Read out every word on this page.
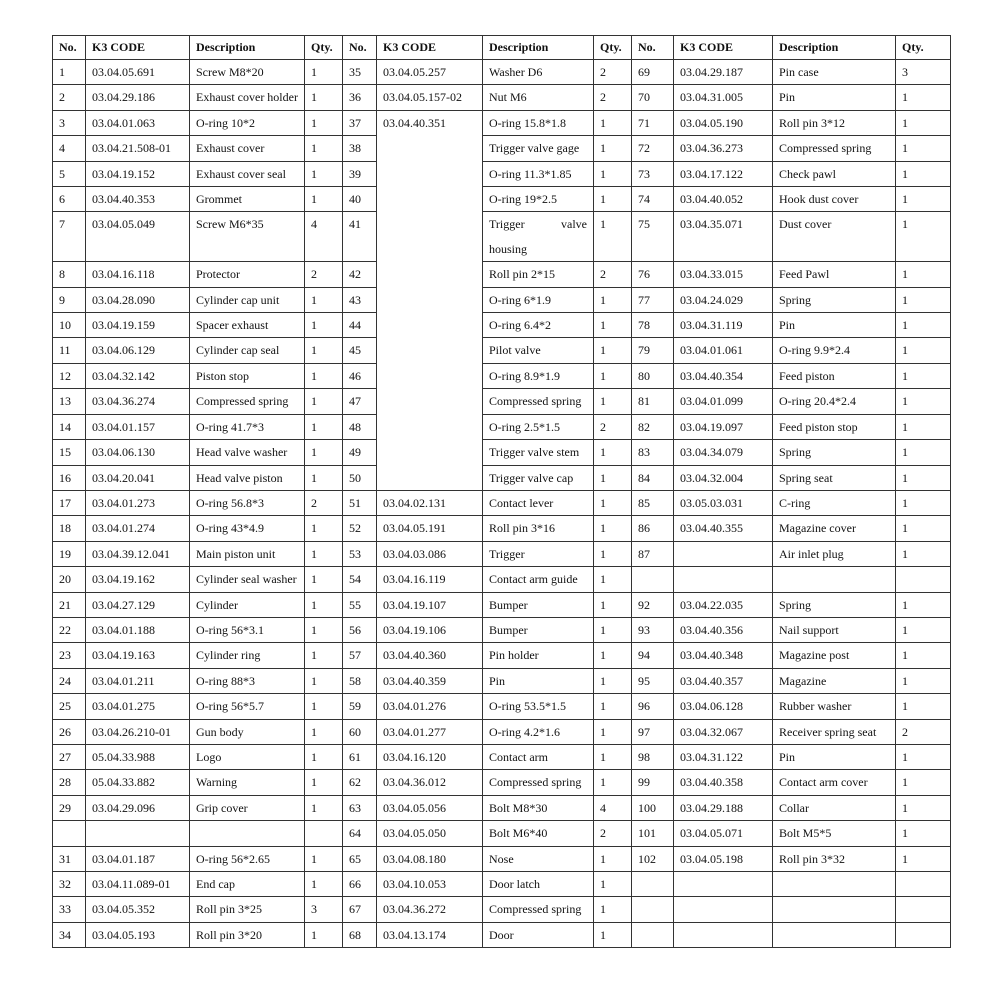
No.	K3 CODE	Description	Qty.	No.	K3 CODE	Description	Qty.	No.	K3 CODE	Description	Qty.
1	03.04.05.691	Screw M8*20	1	35	03.04.05.257	Washer D6	2	69	03.04.29.187	Pin case	3
2	03.04.29.186	Exhaust cover holder	1	36	03.04.05.157-02	Nut M6	2	70	03.04.31.005	Pin	1
3	03.04.01.063	O-ring 10*2	1	37	03.04.40.351	O-ring 15.8*1.8	1	71	03.04.05.190	Roll pin 3*12	1
4	03.04.21.508-01	Exhaust cover	1	38		Trigger valve gage	1	72	03.04.36.273	Compressed spring	1
5	03.04.19.152	Exhaust cover seal	1	39		O-ring 11.3*1.85	1	73	03.04.17.122	Check pawl	1
6	03.04.40.353	Grommet	1	40		O-ring 19*2.5	1	74	03.04.40.052	Hook dust cover	1
7	03.04.05.049	Screw M6*35	4	41		Trigger valve housing	1	75	03.04.35.071	Dust cover	1
8	03.04.16.118	Protector	2	42		Roll pin 2*15	2	76	03.04.33.015	Feed Pawl	1
9	03.04.28.090	Cylinder cap unit	1	43		O-ring 6*1.9	1	77	03.04.24.029	Spring	1
10	03.04.19.159	Spacer exhaust	1	44		O-ring 6.4*2	1	78	03.04.31.119	Pin	1
11	03.04.06.129	Cylinder cap seal	1	45		Pilot valve	1	79	03.04.01.061	O-ring 9.9*2.4	1
12	03.04.32.142	Piston stop	1	46		O-ring 8.9*1.9	1	80	03.04.40.354	Feed piston	1
13	03.04.36.274	Compressed spring	1	47		Compressed spring	1	81	03.04.01.099	O-ring 20.4*2.4	1
14	03.04.01.157	O-ring 41.7*3	1	48		O-ring 2.5*1.5	2	82	03.04.19.097	Feed piston stop	1
15	03.04.06.130	Head valve washer	1	49		Trigger valve stem	1	83	03.04.34.079	Spring	1
16	03.04.20.041	Head valve piston	1	50		Trigger valve cap	1	84	03.04.32.004	Spring seat	1
17	03.04.01.273	O-ring 56.8*3	2	51	03.04.02.131	Contact lever	1	85	03.05.03.031	C-ring	1
18	03.04.01.274	O-ring 43*4.9	1	52	03.04.05.191	Roll pin 3*16	1	86	03.04.40.355	Magazine cover	1
19	03.04.39.12.041	Main piston unit	1	53	03.04.03.086	Trigger	1	87		Air inlet plug	1
20	03.04.19.162	Cylinder seal washer	1	54	03.04.16.119	Contact arm guide	1				
21	03.04.27.129	Cylinder	1	55	03.04.19.107	Bumper	1	92	03.04.22.035	Spring	1
22	03.04.01.188	O-ring 56*3.1	1	56	03.04.19.106	Bumper	1	93	03.04.40.356	Nail support	1
23	03.04.19.163	Cylinder ring	1	57	03.04.40.360	Pin holder	1	94	03.04.40.348	Magazine post	1
24	03.04.01.211	O-ring 88*3	1	58	03.04.40.359	Pin	1	95	03.04.40.357	Magazine	1
25	03.04.01.275	O-ring 56*5.7	1	59	03.04.01.276	O-ring 53.5*1.5	1	96	03.04.06.128	Rubber washer	1
26	03.04.26.210-01	Gun body	1	60	03.04.01.277	O-ring 4.2*1.6	1	97	03.04.32.067	Receiver spring seat	2
27	05.04.33.988	Logo	1	61	03.04.16.120	Contact arm	1	98	03.04.31.122	Pin	1
28	05.04.33.882	Warning	1	62	03.04.36.012	Compressed spring	1	99	03.04.40.358	Contact arm cover	1
29	03.04.29.096	Grip cover	1	63	03.04.05.056	Bolt M8*30	4	100	03.04.29.188	Collar	1
				64	03.04.05.050	Bolt M6*40	2	101	03.04.05.071	Bolt M5*5	1
31	03.04.01.187	O-ring 56*2.65	1	65	03.04.08.180	Nose	1	102	03.04.05.198	Roll pin 3*32	1
32	03.04.11.089-01	End cap	1	66	03.04.10.053	Door latch	1				
33	03.04.05.352	Roll pin 3*25	3	67	03.04.36.272	Compressed spring	1				
34	03.04.05.193	Roll pin 3*20	1	68	03.04.13.174	Door	1				
